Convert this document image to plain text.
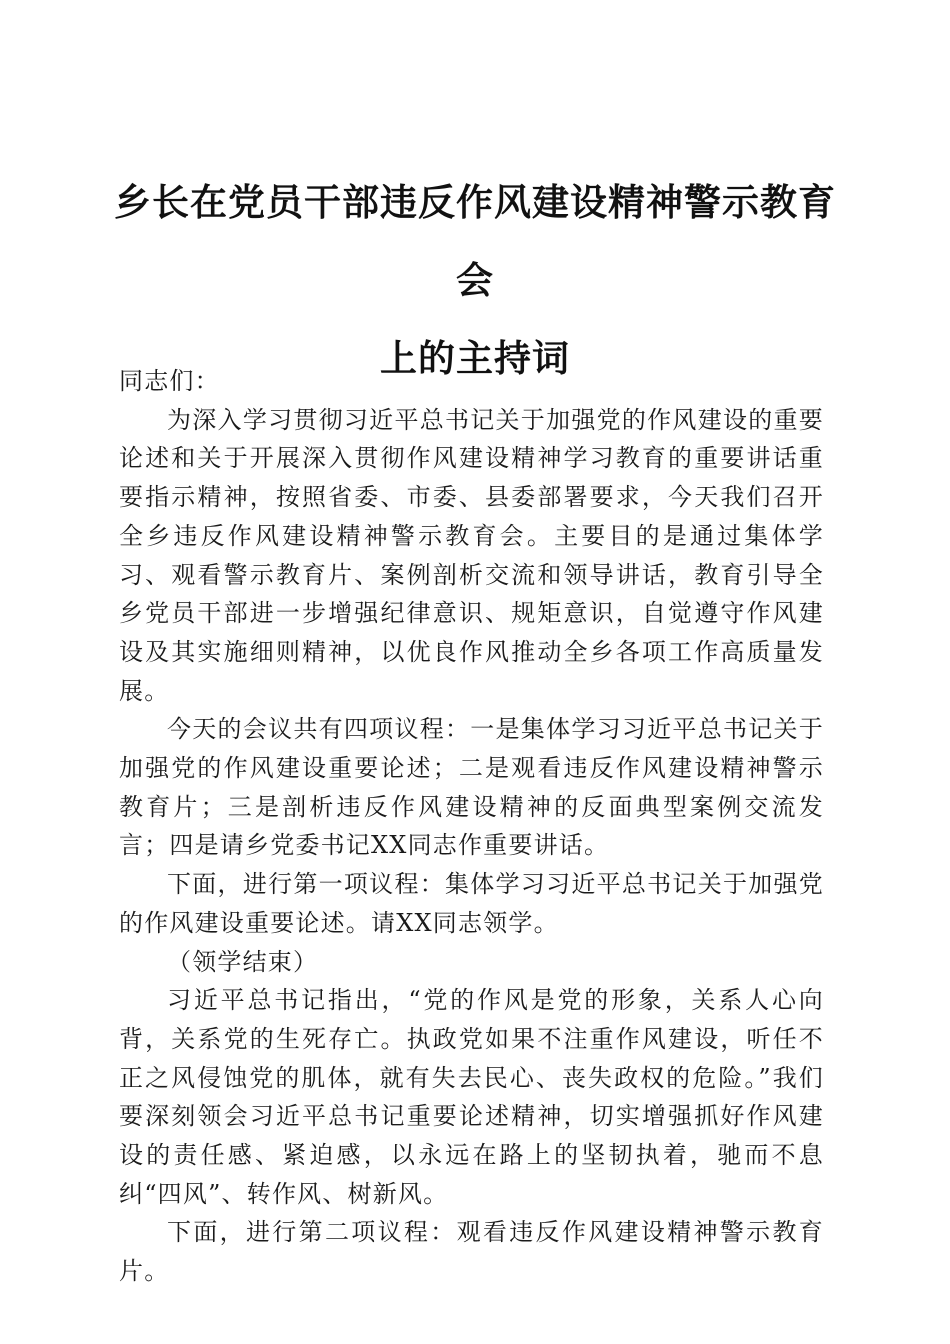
乡长在党员干部违反作风建设精神警示教育会
上的主持词

同志们：

为深入学习贯彻习近平总书记关于加强党的作风建设的重要论述和关于开展深入贯彻作风建设精神学习教育的重要讲话重要指示精神，按照省委、市委、县委部署要求，今天我们召开全乡违反作风建设精神警示教育会。主要目的是通过集体学习、观看警示教育片、案例剖析交流和领导讲话，教育引导全乡党员干部进一步增强纪律意识、规矩意识，自觉遵守作风建设及其实施细则精神，以优良作风推动全乡各项工作高质量发展。

今天的会议共有四项议程：一是集体学习习近平总书记关于加强党的作风建设重要论述；二是观看违反作风建设精神警示教育片；三是剖析违反作风建设精神的反面典型案例交流发言；四是请乡党委书记XX同志作重要讲话。

下面，进行第一项议程：集体学习习近平总书记关于加强党的作风建设重要论述。请XX同志领学。

（领学结束）

习近平总书记指出，“党的作风是党的形象，关系人心向背，关系党的生死存亡。执政党如果不注重作风建设，听任不正之风侵蚀党的肌体，就有失去民心、丧失政权的危险。”我们要深刻领会习近平总书记重要论述精神，切实增强抓好作风建设的责任感、紧迫感，以永远在路上的坚韧执着，驰而不息纠“四风”、转作风、树新风。

下面，进行第二项议程：观看违反作风建设精神警示教育片。
